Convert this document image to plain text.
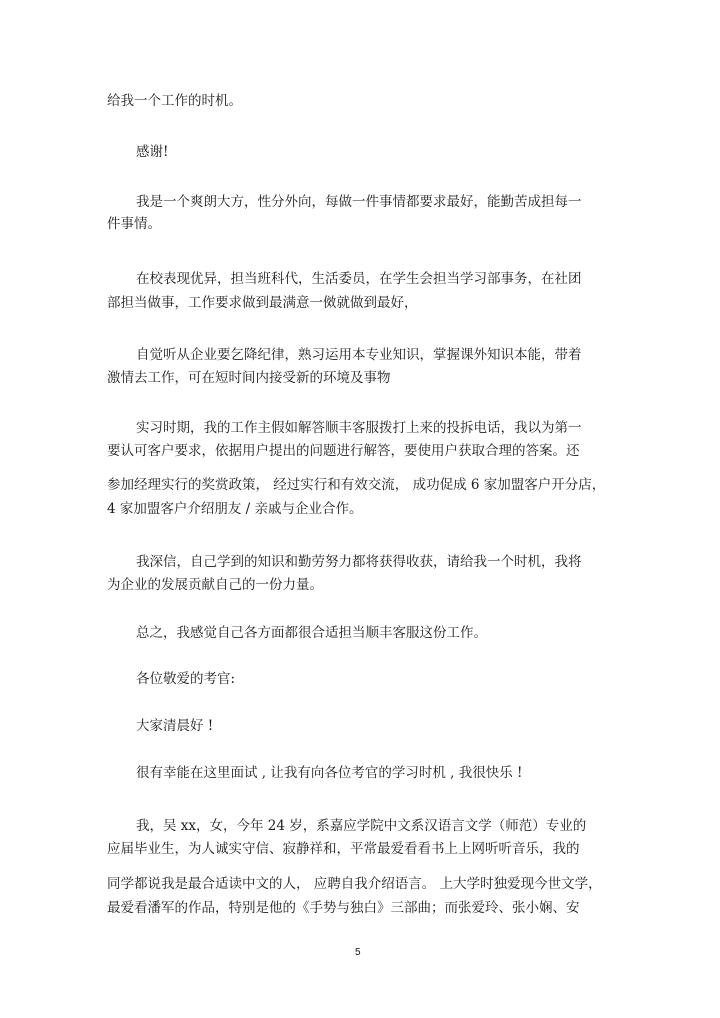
给我一个工作的时机。
感谢!
我是一个爽朗大方，性分外向，每做一件事情都要求最好，能勤苦成担每一
件事情。
在校表现优异，担当班科代，生活委员，在学生会担当学习部事务，在社团
部担当做事，工作要求做到最满意一傚就做到最好，
自觉听从企业要乞降纪律，熟习运用本专业知识，掌握课外知识本能，带着
激情去工作，可在短时间内接受新的环境及事物
实习时期，我的工作主假如解答顺丰客服拨打上来的投拆电话，我以为第一
要认可客户要求，依据用户提出的问题进行解答，要使用户获取合理的答案。还
参加经理实行的奖赏政策， 经过实行和有效交流， 成功促成 6 家加盟客户开分店，
4 家加盟客户介绍朋友 / 亲戚与企业合作。
我深信，自己学到的知识和勤劳努力都将获得收获，请给我一个时机，我将
为企业的发展贡献自己的一份力量。
总之，我感觉自己各方面都很合适担当顺丰客服这份工作。
各位敬爱的考官:
大家清晨好 !
很有幸能在这里面试 , 让我有向各位考官的学习时机 , 我很快乐 !
我，吴 xx，女，今年 24 岁，系嘉应学院中文系汉语言文学（师范）专业的
应届毕业生，为人诚实守信、寂静祥和，平常最爱看看书上上网听听音乐，我的
同学都说我是最合适读中文的人， 应聘自我介绍语言。 上大学时独爱现今世文学，
最爱看潘军的作品，特别是他的《手势与独白》三部曲；而张爱玲、张小娴、安
5
